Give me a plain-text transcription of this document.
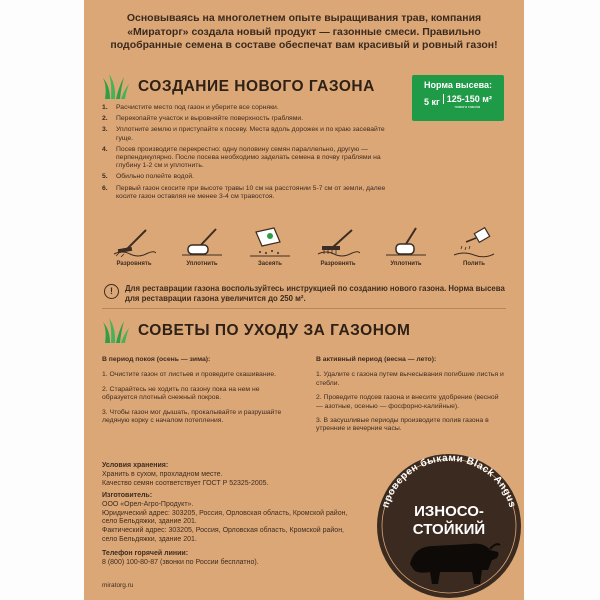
Основываясь на многолетнем опыте выращивания трав, компания «Мираторг» создала новый продукт — газонные смеси. Правильно подобранные семена в составе обеспечат вам красивый и ровный газон!
СОЗДАНИЕ НОВОГО ГАЗОНА	Норма высева:
5 кг 125-150 м²
нового газона
1.	Расчистите место под газон и уберите все сорняки.
2.	Перекопайте участок и выровняйте поверхность граблями.
3.	Уплотните землю и приступайте к посеву. Места вдоль дорожек и по краю засевайте гуще.
4.	Посев производите перекрестно: одну половину семян параллельно, другую — перпендикулярно. После посева необходимо заделать семена в почву граблями на глубину 1-2 см и уплотнить.
5.	Обильно полейте водой.
6.	Первый газон скосите при высоте травы 10 см на расстоянии 5-7 см от земли, далее косите газон оставляя не менее 3-4 см травостоя.
Разровнять	Уплотнить	Засеять	Разровнять	Уплотнить	Полить
!	Для реставрации газона воспользуйтесь инструкцией по созданию нового газона. Норма высева для реставрации газона увеличится до 250 м².
СОВЕТЫ ПО УХОДУ ЗА ГАЗОНОМ
В период покоя (осень — зима):
1. Очистите газон от листьев и проведите скашивание.
2. Старайтесь не ходить по газону пока на нем не образуется плотный снежный покров.
3. Чтобы газон мог дышать, прокалывайте и разрушайте ледяную корку с началом потепления.
В активный период (весна — лето):
1. Удалите с газона путем вычесывания погибшие листья и стебли.
2. Проведите подсев газона и внесите удобрение (весной — азотные, осенью — фосфорно-калийные).
3. В засушливые периоды производите полив газона в утренние и вечерние часы.
Условия хранения:
Хранить в сухом, прохладном месте.
Качество семян соответствует ГОСТ Р 52325-2005.
Изготовитель:
ООО «Орел-Агро-Продукт».
Юридический адрес: 303205, Россия, Орловская область, Кромской район, село Бельдяжки, здание 201.
Фактический адрес: 303205, Россия, Орловская область, Кромской район, село Бельдяжки, здание 201.
Телефон горячей линии:
8 (800) 100-80-87 (звонки по России бесплатно).
miratorg.ru
проверен быками Black Angus
ИЗНОСО-
СТОЙКИЙ
